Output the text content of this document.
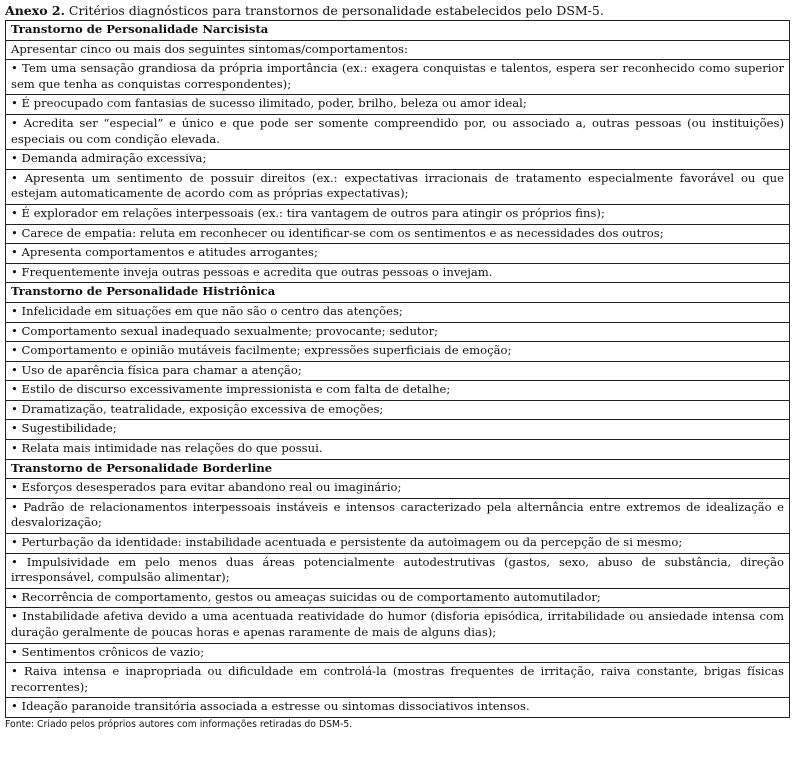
Anexo 2. Critérios diagnósticos para transtornos de personalidade estabelecidos pelo DSM-5.
Transtorno de Personalidade Narcisista
Apresentar cinco ou mais dos seguintes sintomas/comportamentos:
• Tem uma sensação grandiosa da própria importância (ex.: exagera conquistas e talentos, espera ser reconhecido como superior sem que tenha as conquistas correspondentes);
• É preocupado com fantasias de sucesso ilimitado, poder, brilho, beleza ou amor ideal;
• Acredita ser “especial” e único e que pode ser somente compreendido por, ou associado a, outras pessoas (ou instituições) especiais ou com condição elevada.
• Demanda admiração excessiva;
• Apresenta um sentimento de possuir direitos (ex.: expectativas irracionais de tratamento especialmente favorável ou que estejam automaticamente de acordo com as próprias expectativas);
• É explorador em relações interpessoais (ex.: tira vantagem de outros para atingir os próprios fins);
• Carece de empatia: reluta em reconhecer ou identificar-se com os sentimentos e as necessidades dos outros;
• Apresenta comportamentos e atitudes arrogantes;
• Frequentemente inveja outras pessoas e acredita que outras pessoas o invejam.
Transtorno de Personalidade Histriônica
• Infelicidade em situações em que não são o centro das atenções;
• Comportamento sexual inadequado sexualmente; provocante; sedutor;
• Comportamento e opinião mutáveis facilmente; expressões superficiais de emoção;
• Uso de aparência física para chamar a atenção;
• Estilo de discurso excessivamente impressionista e com falta de detalhe;
• Dramatização, teatralidade, exposição excessiva de emoções;
• Sugestibilidade;
• Relata mais intimidade nas relações do que possui.
Transtorno de Personalidade Borderline
• Esforços desesperados para evitar abandono real ou imaginário;
• Padrão de relacionamentos interpessoais instáveis e intensos caracterizado pela alternância entre extremos de idealização e desvalorização;
• Perturbação da identidade: instabilidade acentuada e persistente da autoimagem ou da percepção de si mesmo;
• Impulsividade em pelo menos duas áreas potencialmente autodestrutivas (gastos, sexo, abuso de substância, direção irresponsável, compulsão alimentar);
• Recorrência de comportamento, gestos ou ameaças suicidas ou de comportamento automutilador;
• Instabilidade afetiva devido a uma acentuada reatividade do humor (disforia episódica, irritabilidade ou ansiedade intensa com duração geralmente de poucas horas e apenas raramente de mais de alguns dias);
• Sentimentos crônicos de vazio;
• Raiva intensa e inapropriada ou dificuldade em controlá-la (mostras frequentes de irritação, raiva constante, brigas físicas recorrentes);
• Ideação paranoide transitória associada a estresse ou sintomas dissociativos intensos.
Fonte: Criado pelos próprios autores com informações retiradas do DSM-5.
